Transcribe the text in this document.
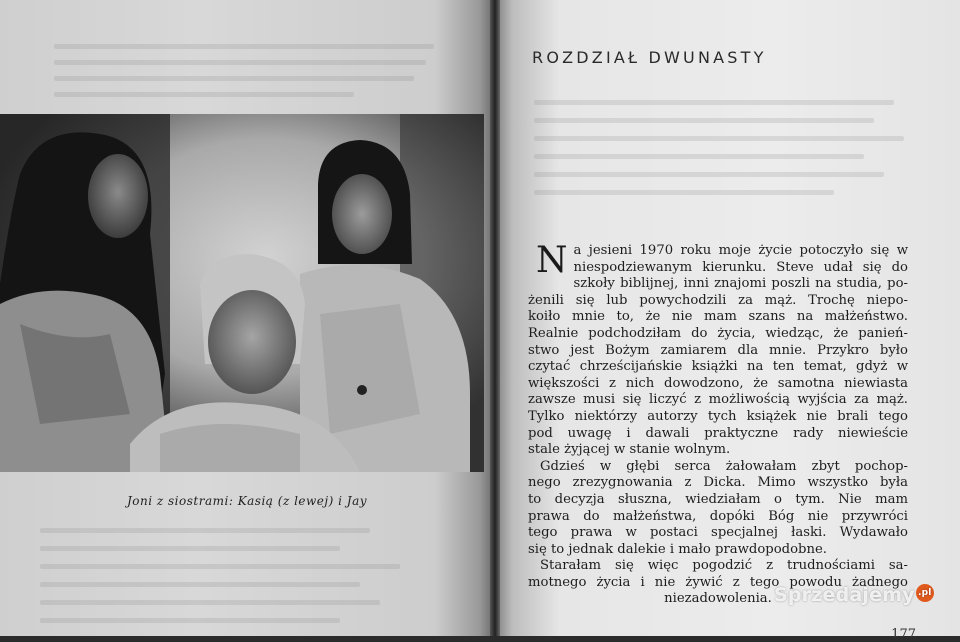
Joni z siostrami: Kasią (z lewej) i Jay
ROZDZIAŁ DWUNASTY
N a jesieni 1970 roku moje życie potoczyło się w
niespodziewanym kierunku. Steve udał się do
szkoły biblijnej, inni znajomi poszli na studia, po-
żenili się lub powychodzili za mąż. Trochę niepo-
koiło mnie to, że nie mam szans na małżeństwo.
Realnie podchodziłam do życia, wiedząc, że panień-
stwo jest Bożym zamiarem dla mnie. Przykro było
czytać chrześcijańskie książki na ten temat, gdyż w
większości z nich dowodzono, że samotna niewiasta
zawsze musi się liczyć z możliwością wyjścia za mąż.
Tylko niektórzy autorzy tych książek nie brali tego
pod uwagę i dawali praktyczne rady niewieście
stale żyjącej w stanie wolnym.
Gdzieś w głębi serca żałowałam zbyt pochop-
nego zrezygnowania z Dicka. Mimo wszystko była
to decyzja słuszna, wiedziałam o tym. Nie mam
prawa do małżeństwa, dopóki Bóg nie przywróci
tego prawa w postaci specjalnej łaski. Wydawało
się to jednak dalekie i mało prawdopodobne.
Starałam się więc pogodzić z trudnościami sa-
motnego życia i nie żywić z tego powodu żadnego
niezadowolenia.
177
Sprzedajemy .pl
